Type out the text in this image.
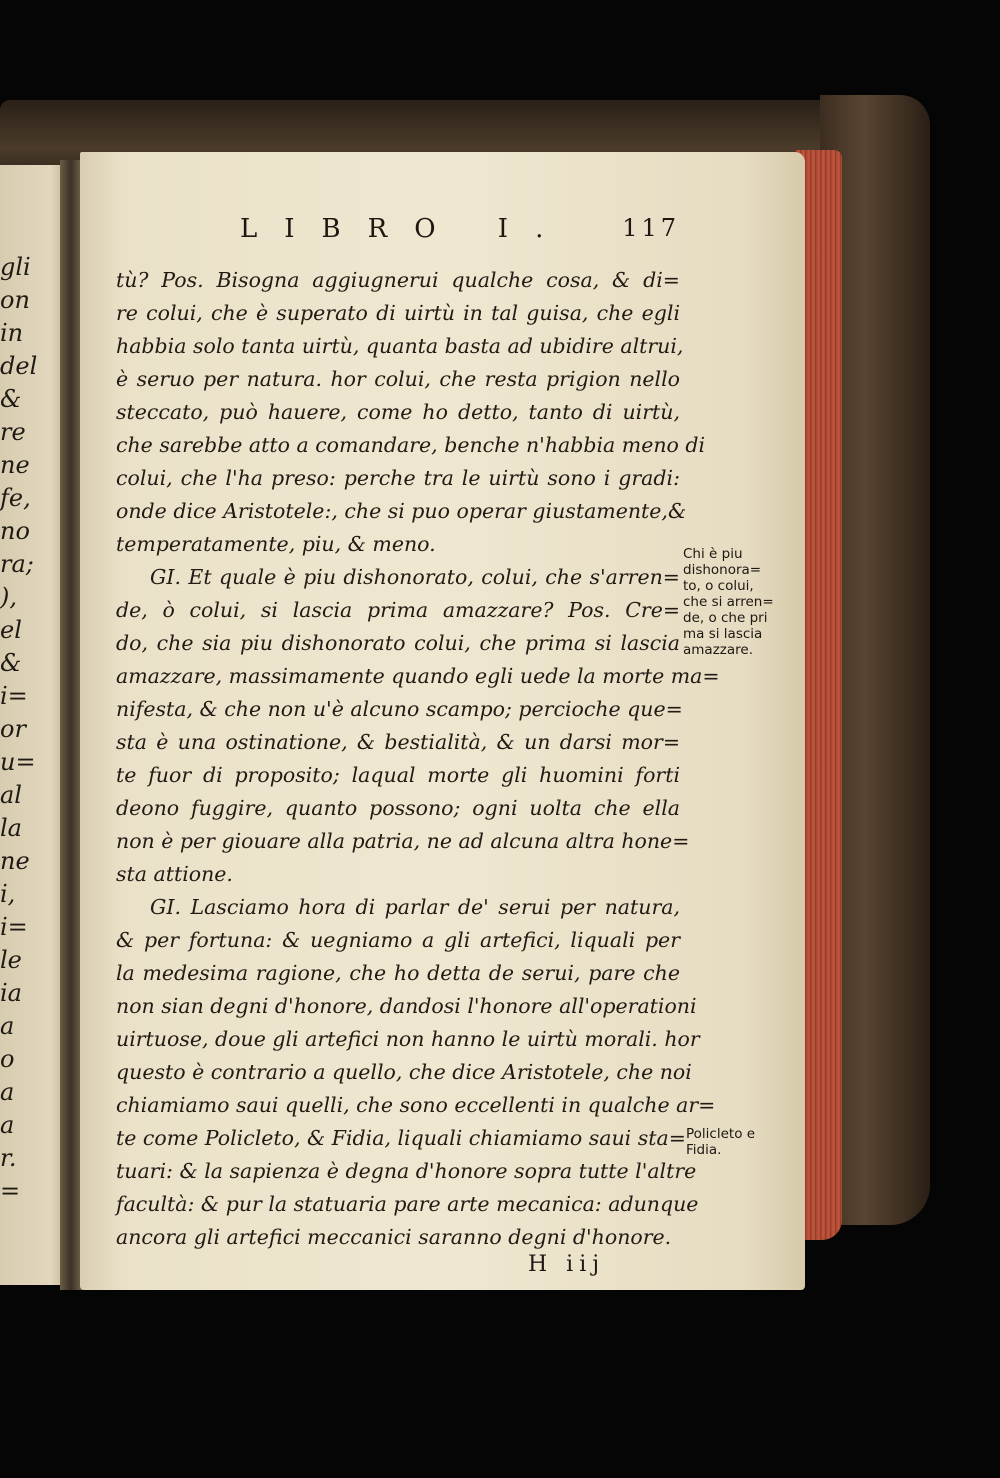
gli
on
in
del
&
re
ne
fe,
no
ra;
),
el
&
i=
or
u=
al
la
ne
i,
i=
le
ia
a
o
a
a
r.
=
LIBRO I. 117
tù? Pos. Bisogna aggiugnerui qualche cosa, & di=
re colui, che è superato di uirtù in tal guisa, che egli
habbia solo tanta uirtù, quanta basta ad ubidire altrui,
è seruo per natura. hor colui, che resta prigion nello
steccato, può hauere, come ho detto, tanto di uirtù,
che sarebbe atto a comandare, benche n'habbia meno di
colui, che l'ha preso: perche tra le uirtù sono i gradi:
onde dice Aristotele:, che si puo operar giustamente,&
temperatamente, piu, & meno.
GI. Et quale è piu dishonorato, colui, che s'arren=
de, ò colui, si lascia prima amazzare? Pos. Cre=
do, che sia piu dishonorato colui, che prima si lascia
amazzare, massimamente quando egli uede la morte ma=
nifesta, & che non u'è alcuno scampo; percioche que=
sta è una ostinatione, & bestialità, & un darsi mor=
te fuor di proposito; laqual morte gli huomini forti
deono fuggire, quanto possono; ogni uolta che ella
non è per giouare alla patria, ne ad alcuna altra hone=
sta attione.
GI. Lasciamo hora di parlar de' serui per natura,
& per fortuna: & uegniamo a gli artefici, liquali per
la medesima ragione, che ho detta de serui, pare che
non sian degni d'honore, dandosi l'honore all'operationi
uirtuose, doue gli artefici non hanno le uirtù morali. hor
questo è contrario a quello, che dice Aristotele, che noi
chiamiamo saui quelli, che sono eccellenti in qualche ar=
te come Policleto, & Fidia, liquali chiamiamo saui sta=
tuari: & la sapienza è degna d'honore sopra tutte l'altre
facultà: & pur la statuaria pare arte mecanica: adunque
ancora gli artefici meccanici saranno degni d'honore.
Chi è piu
dishonora=
to, o colui,
che si arren=
de, o che pri
ma si lascia
amazzare.
Policleto e
Fidia.
H iij
